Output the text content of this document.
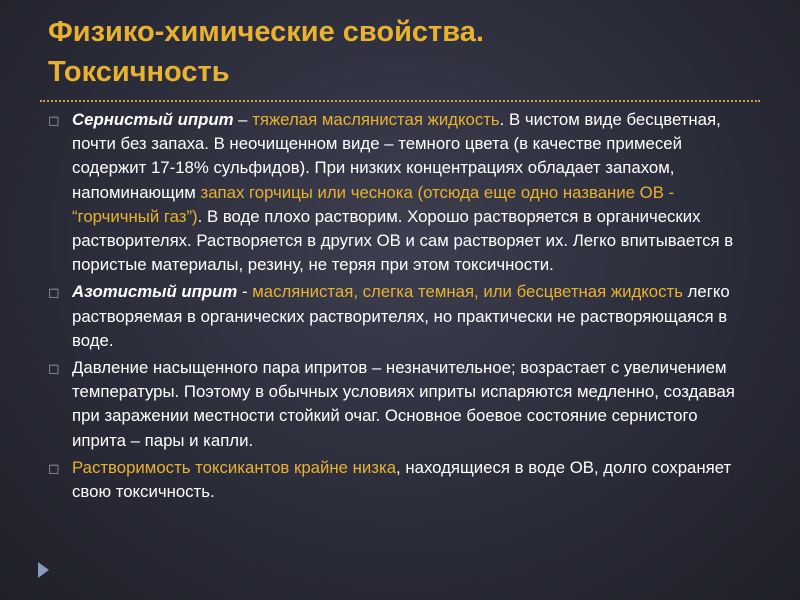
Физико-химические свойства.
Токсичность
◻ Сернистый иприт – тяжелая маслянистая жидкость. В чистом виде бесцветная, почти без запаха. В неочищенном виде – темного цвета (в качестве примесей содержит 17-18% сульфидов). При низких концентрациях обладает запахом, напоминающим запах горчицы или чеснока (отсюда еще одно название ОВ - “горчичный газ”). В воде плохо растворим. Хорошо растворяется в органических растворителях. Растворяется в других ОВ и сам растворяет их. Легко впитывается в пористые материалы, резину, не теряя при этом токсичности.
◻ Азотистый иприт - маслянистая, слегка темная, или бесцветная жидкость легко растворяемая в органических растворителях, но практически не растворяющаяся в воде.
◻ Давление насыщенного пара ипритов – незначительное; возрастает с увеличением температуры. Поэтому в обычных условиях иприты испаряются медленно, создавая при заражении местности стойкий очаг. Основное боевое состояние сернистого иприта – пары и капли.
◻ Растворимость токсикантов крайне низка, находящиеся в воде ОВ, долго сохраняет свою токсичность.
